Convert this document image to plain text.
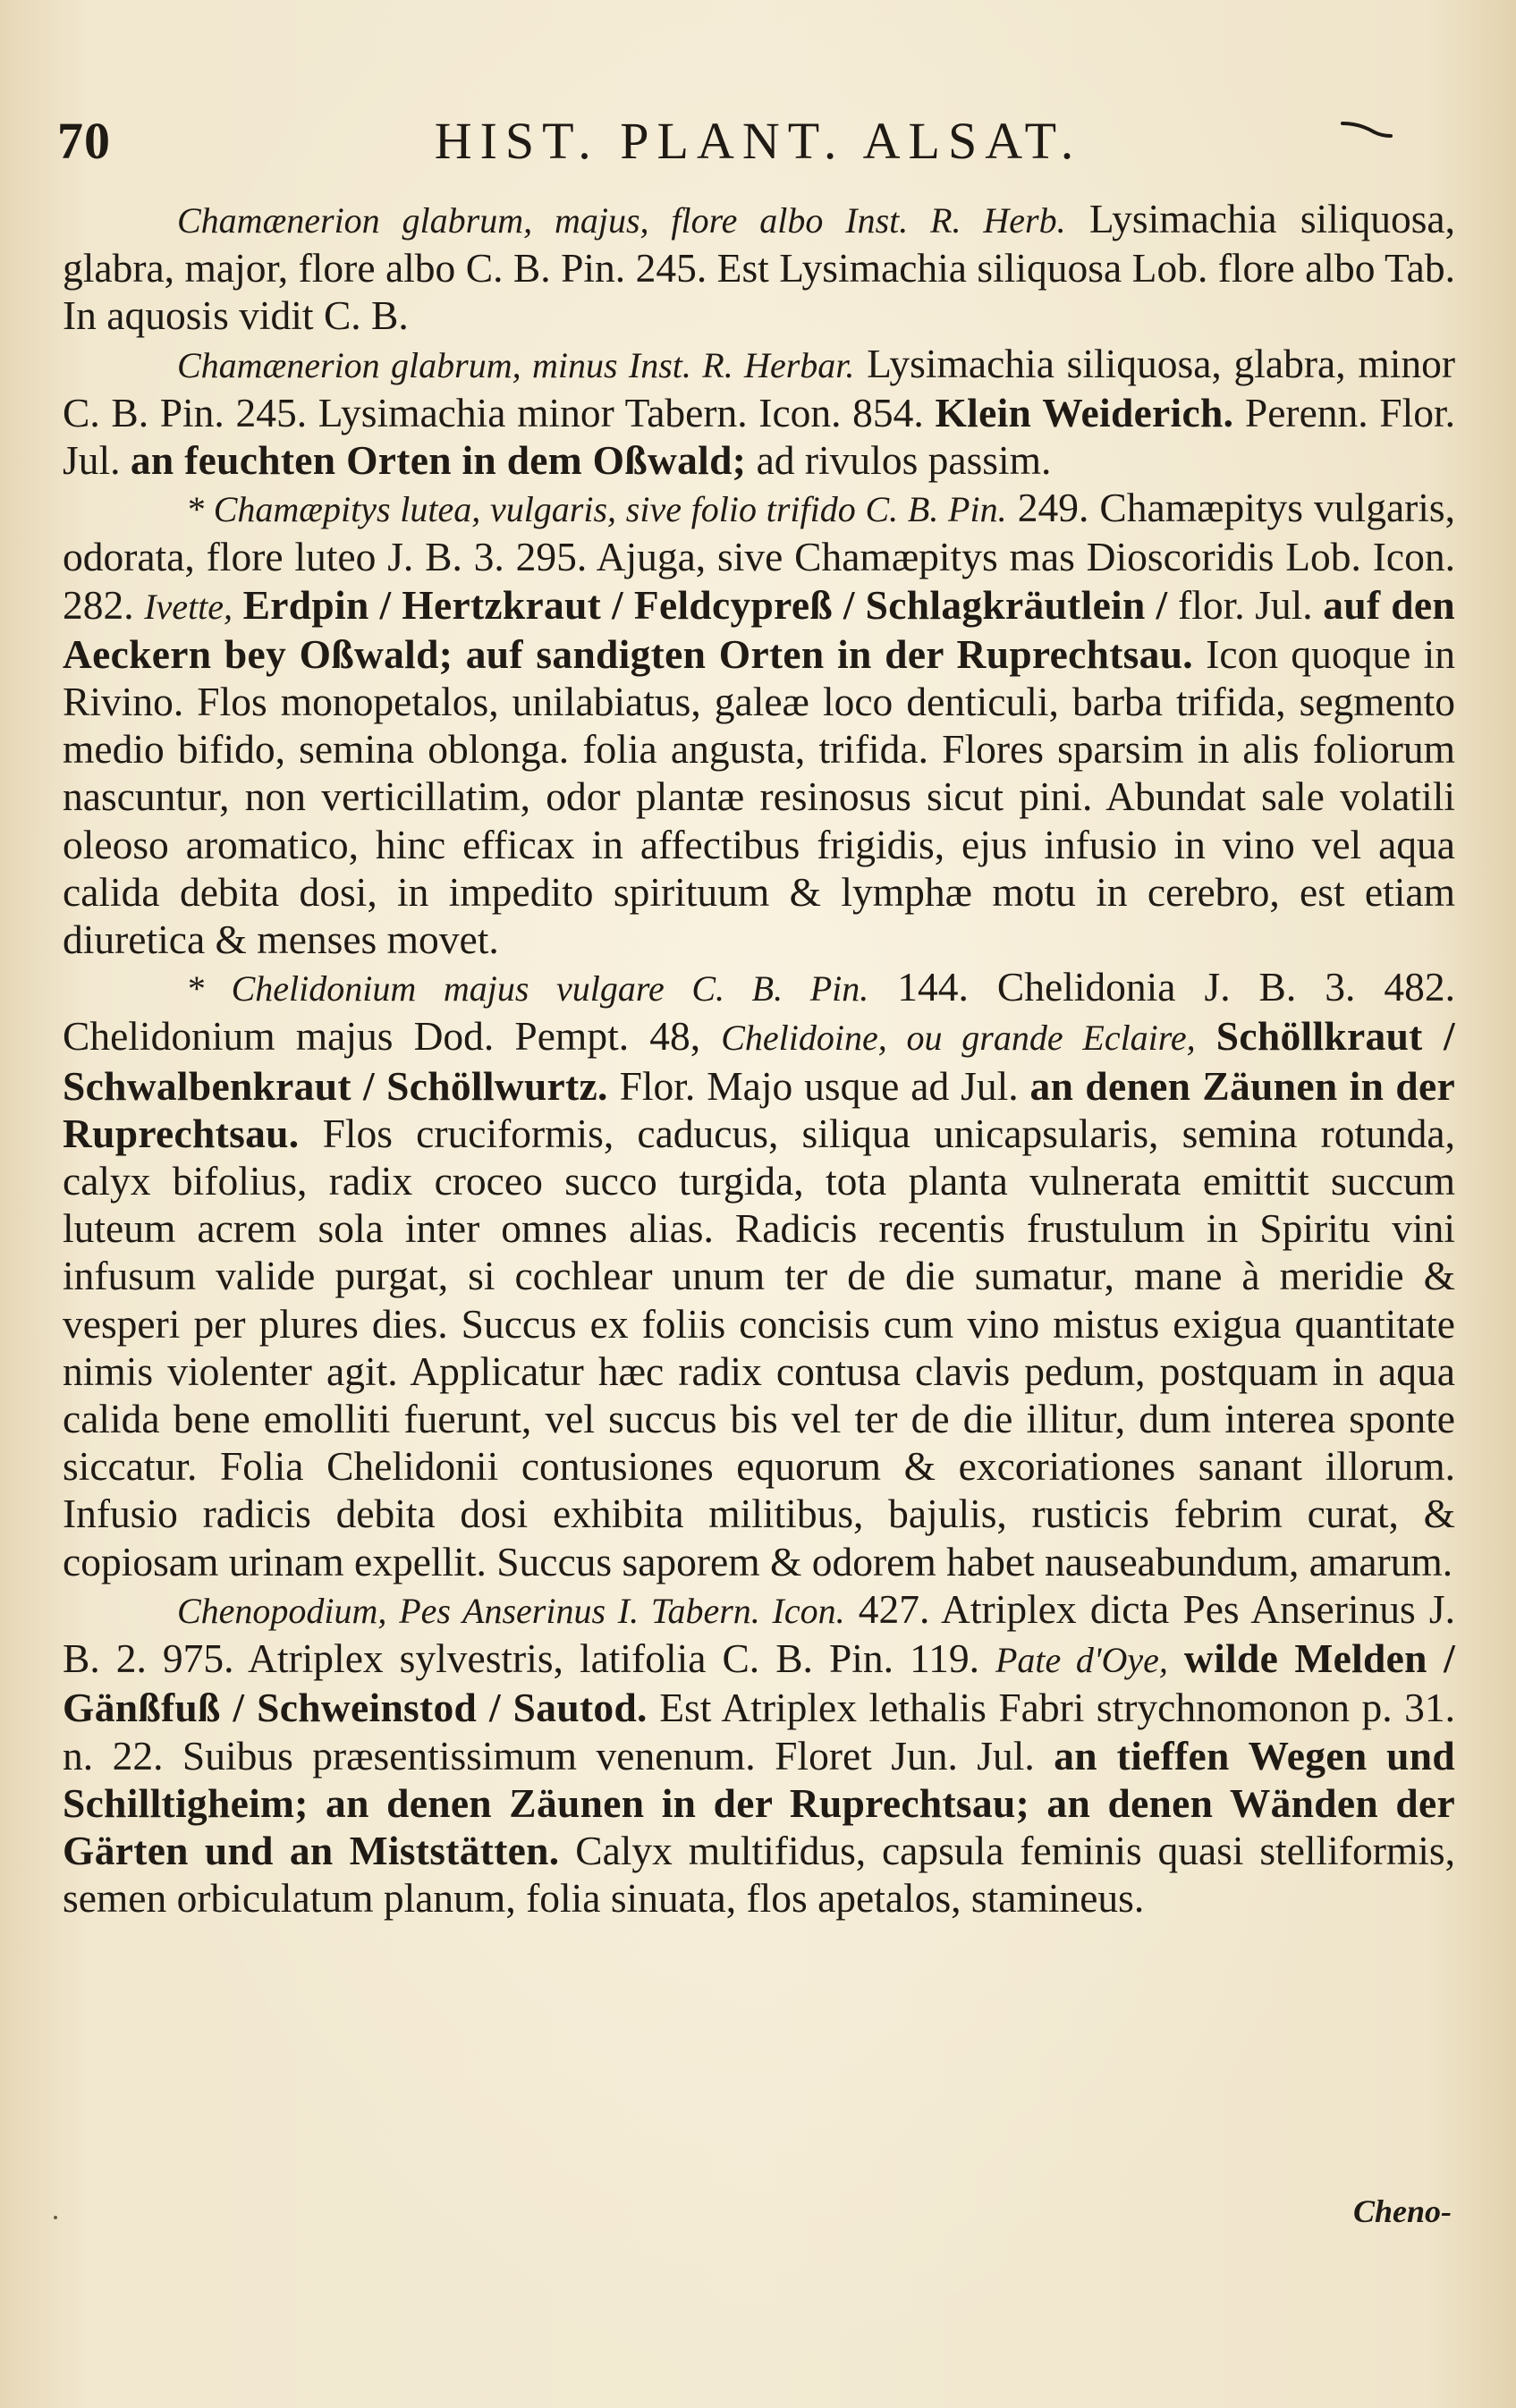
70	HIST. PLANT. ALSAT.

Chamænerion glabrum, majus, flore albo Inst. R. Herb. Lysimachia siliquosa, glabra, major, flore albo C. B. Pin. 245. Est Lysimachia siliquosa Lob. flore albo Tab. In aquosis vidit C. B.

Chamænerion glabrum, minus Inst. R. Herbar. Lysimachia siliquosa, glabra, minor C. B. Pin. 245. Lysimachia minor Tabern. Icon. 854. Klein Weiderich. Perenn. Flor. Jul. an feuchten Orten in dem Oßwald; ad rivulos passim.

* Chamæpitys lutea, vulgaris, sive folio trifido C. B. Pin. 249. Chamæpitys vulgaris, odorata, flore luteo J. B. 3. 295. Ajuga, sive Chamæpitys mas Dioscoridis Lob. Icon. 282. Ivette, Erdpin / Hertzkraut / Feldcypreß / Schlagkräutlein / flor. Jul. auf den Aeckern bey Oßwald; auf sandigten Orten in der Ruprechtsau. Icon quoque in Rivino. Flos monopetalos, unilabiatus, galeæ loco denticuli, barba trifida, segmento medio bifido, semina oblonga. folia angusta, trifida. Flores sparsim in alis foliorum nascuntur, non verticillatim, odor plantæ resinosus sicut pini. Abundat sale volatili oleoso aromatico, hinc efficax in affectibus frigidis, ejus infusio in vino vel aqua calida debita dosi, in impedito spirituum & lymphæ motu in cerebro, est etiam diuretica & menses movet.

* Chelidonium majus vulgare C. B. Pin. 144. Chelidonia J. B. 3. 482. Chelidonium majus Dod. Pempt. 48, Chelidoine, ou grande Eclaire, Schöllkraut / Schwalbenkraut / Schöllwurtz. Flor. Majo usque ad Jul. an denen Zäunen in der Ruprechtsau. Flos cruciformis, caducus, siliqua unicapsularis, semina rotunda, calyx bifolius, radix croceo succo turgida, tota planta vulnerata emittit succum luteum acrem sola inter omnes alias. Radicis recentis frustulum in Spiritu vini infusum valide purgat, si cochlear unum ter de die sumatur, mane à meridie & vesperi per plures dies. Succus ex foliis concisis cum vino mistus exigua quantitate nimis violenter agit. Applicatur hæc radix contusa clavis pedum, postquam in aqua calida bene emolliti fuerunt, vel succus bis vel ter de die illitur, dum interea sponte siccatur. Folia Chelidonii contusiones equorum & excoriationes sanant illorum. Infusio radicis debita dosi exhibita militibus, bajulis, rusticis febrim curat, & copiosam urinam expellit. Succus saporem & odorem habet nauseabundum, amarum.

Chenopodium, Pes Anserinus I. Tabern. Icon. 427. Atriplex dicta Pes Anserinus J. B. 2. 975. Atriplex sylvestris, latifolia C. B. Pin. 119. Pate d'Oye, wilde Melden / Gänßfuß / Schweinstod / Sautod. Est Atriplex lethalis Fabri strychnomonon p. 31. n. 22. Suibus præsentissimum venenum. Floret Jun. Jul. an tieffen Wegen und Schilltigheim; an denen Zäunen in der Ruprechtsau; an denen Wänden der Gärten und an Miststätten. Calyx multifidus, capsula feminis quasi stelliformis, semen orbiculatum planum, folia sinuata, flos apetalos, stamineus.

Cheno-
